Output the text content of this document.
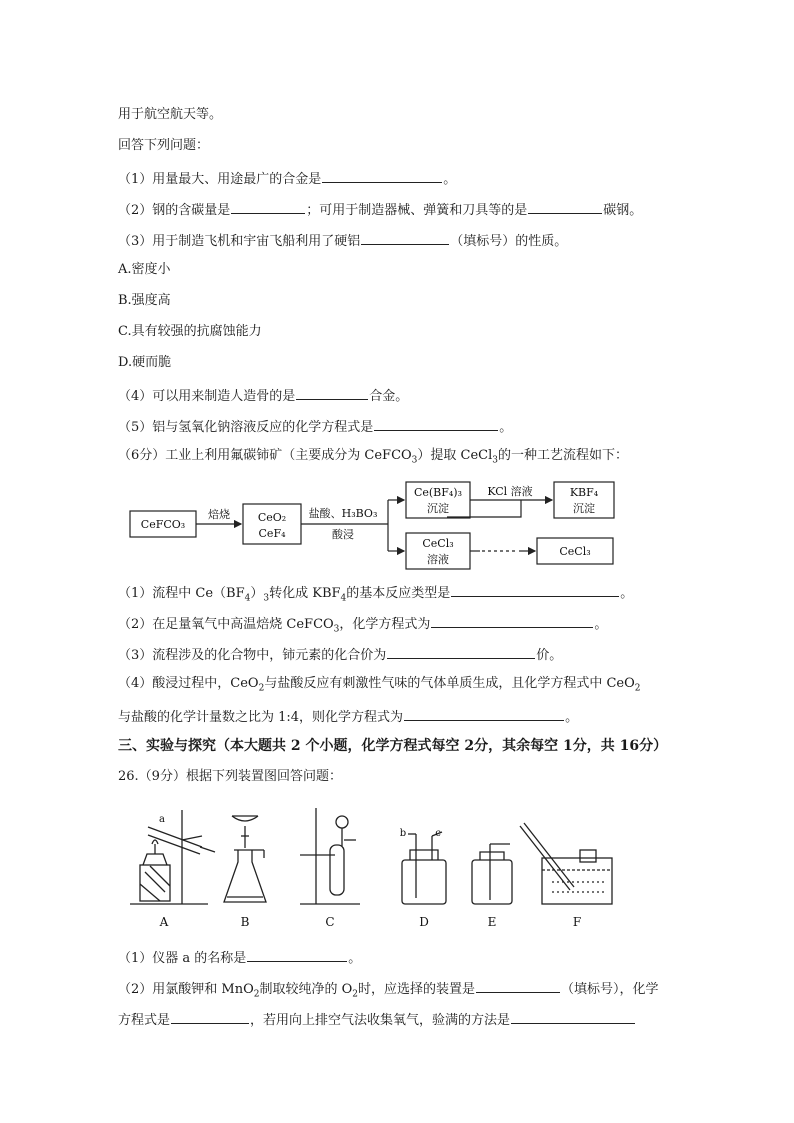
用于航空航天等。
回答下列问题：
（1）用量最大、用途最广的合金是	。
（2）钢的含碳量是	；可用于制造器械、弹簧和刀具等的是	碳钢。
（3）用于制造飞机和宇宙飞船利用了硬铝	（填标号）的性质。
A.密度小
B.强度高
C.具有较强的抗腐蚀能力
D.硬而脆
（4）可以用来制造人造骨的是	合金。
（5）铝与氢氧化钠溶液反应的化学方程式是	。
（6分）工业上利用氟碳铈矿（主要成分为 CeFCO$_3$）提取 CeCl$_3$的一种工艺流程如下：
CeFCO₃
焙烧	CeO₂
CeF₄
盐酸、H₃BO₃
酸浸
Ce(BF₄)₃
沉淀
KCl 溶液	KBF₄
沉淀
CeCl₃
溶液
CeCl₃
（1）流程中 $Ce(BF_4)_3$转化成 $KBF_4$的基本反应类型是	。
（2）在足量氧气中高温焙烧 CeFCO$_3$，化学方程式为	。
（3）流程涉及的化合物中，铈元素的化合价为	价。
（4）酸浸过程中，CeO$_2$与盐酸反应有刺激性气味的气体单质生成，且化学方程式中 CeO$_2$
与盐酸的化学计量数之比为 1:4，则化学方程式为	。
三、实验与探究（本大题共 2 个小题，化学方程式每空 2分，其余每空 1分，共 16分）
26.（9分）根据下列装置图回答问题：
A	B	C	D	E	F
a
b	c
（1）仪器 a 的名称是	。
（2）用氯酸钾和 MnO$_2$制取较纯净的 $O_2$时，应选择的装置是	（填标号），化学
方程式是	，若用向上排空气法收集氧气，验满的方法是
